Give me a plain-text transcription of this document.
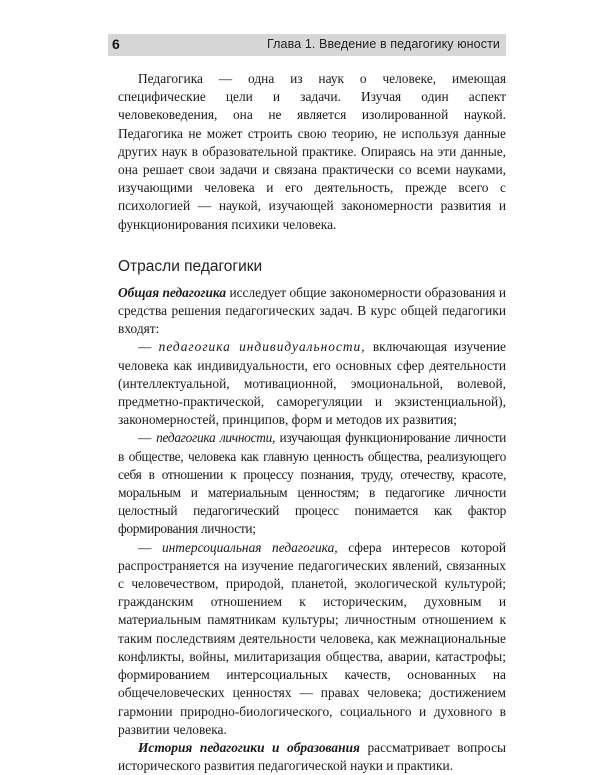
6	Глава 1. Введение в педагогику юности

Педагогика — одна из наук о человеке, имеющая специфические цели и задачи. Изучая один аспект человековедения, она не является изолированной наукой. Педагогика не может строить свою теорию, не используя данные других наук в образовательной практике. Опираясь на эти данные, она решает свои задачи и связана практически со всеми науками, изучающими человека и его деятельность, прежде всего с психологией — наукой, изучающей закономерности развития и функционирования психики человека.

Отрасли педагогики

Общая педагогика исследует общие закономерности образования и средства решения педагогических задач. В курс общей педагогики входят:

— педагогика индивидуальности, включающая изучение человека как индивидуальности, его основных сфер деятельности (интеллектуальной, мотивационной, эмоциональной, волевой, предметно-практической, саморегуляции и экзистенциальной), закономерностей, принципов, форм и методов их развития;

— педагогика личности, изучающая функционирование личности в обществе, человека как главную ценность общества, реализующего себя в отношении к процессу познания, труду, отечеству, красоте, моральным и материальным ценностям; в педагогике личности целостный педагогический процесс понимается как фактор формирования личности;

— интерсоциальная педагогика, сфера интересов которой распространяется на изучение педагогических явлений, связанных с человечеством, природой, планетой, экологической культурой; гражданским отношением к историческим, духовным и материальным памятникам культуры; личностным отношением к таким последствиям деятельности человека, как межнациональные конфликты, войны, милитаризация общества, аварии, катастрофы; формированием интерсоциальных качеств, основанных на общечеловеческих ценностях — правах человека; достижением гармонии природно-биологического, социального и духовного в развитии человека.

История педагогики и образования рассматривает вопросы исторического развития педагогической науки и практики.
